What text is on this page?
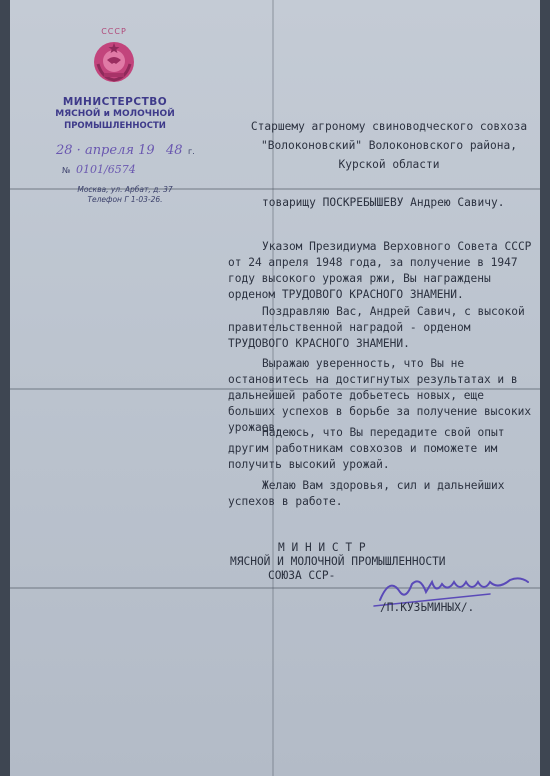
СССР
МИНИСТЕРСТВО
МЯСНОЙ и МОЛОЧНОЙ
ПРОМЫШЛЕННОСТИ
28 · апреля 19 48 г.
№ 0101/6574
Москва, ул. Арбат, д. 37
Телефон Г 1-03-26.
Старшему агроному свиноводческого совхоза
"Волоконовский" Волоконовского района,
Курской области
товарищу ПОСКРЕБЫШЕВУ Андрею Савичу.

Указом Президиума Верховного Совета СССР от 24 апреля 1948 года, за получение в 1947 году высокого урожая ржи, Вы награждены орденом ТРУДОВОГО КРАСНОГО ЗНАМЕНИ.

Поздравляю Вас, Андрей Савич, с высокой правительственной наградой - орденом ТРУДОВОГО КРАСНОГО ЗНАМЕНИ.

Выражаю уверенность, что Вы не остановитесь на достигнутых результатах и в дальнейшей работе добьетесь новых, еще больших успехов в борьбе за получение высоких урожаев.

Надеюсь, что Вы передадите свой опыт другим работникам совхозов и поможете им получить высокий урожай.

Желаю Вам здоровья, сил и дальнейших успехов в работе.

М И Н И С Т Р
МЯСНОЙ И МОЛОЧНОЙ ПРОМЫШЛЕННОСТИ
СОЮЗА ССР-
/П.КУЗЬМИНЫХ/.
